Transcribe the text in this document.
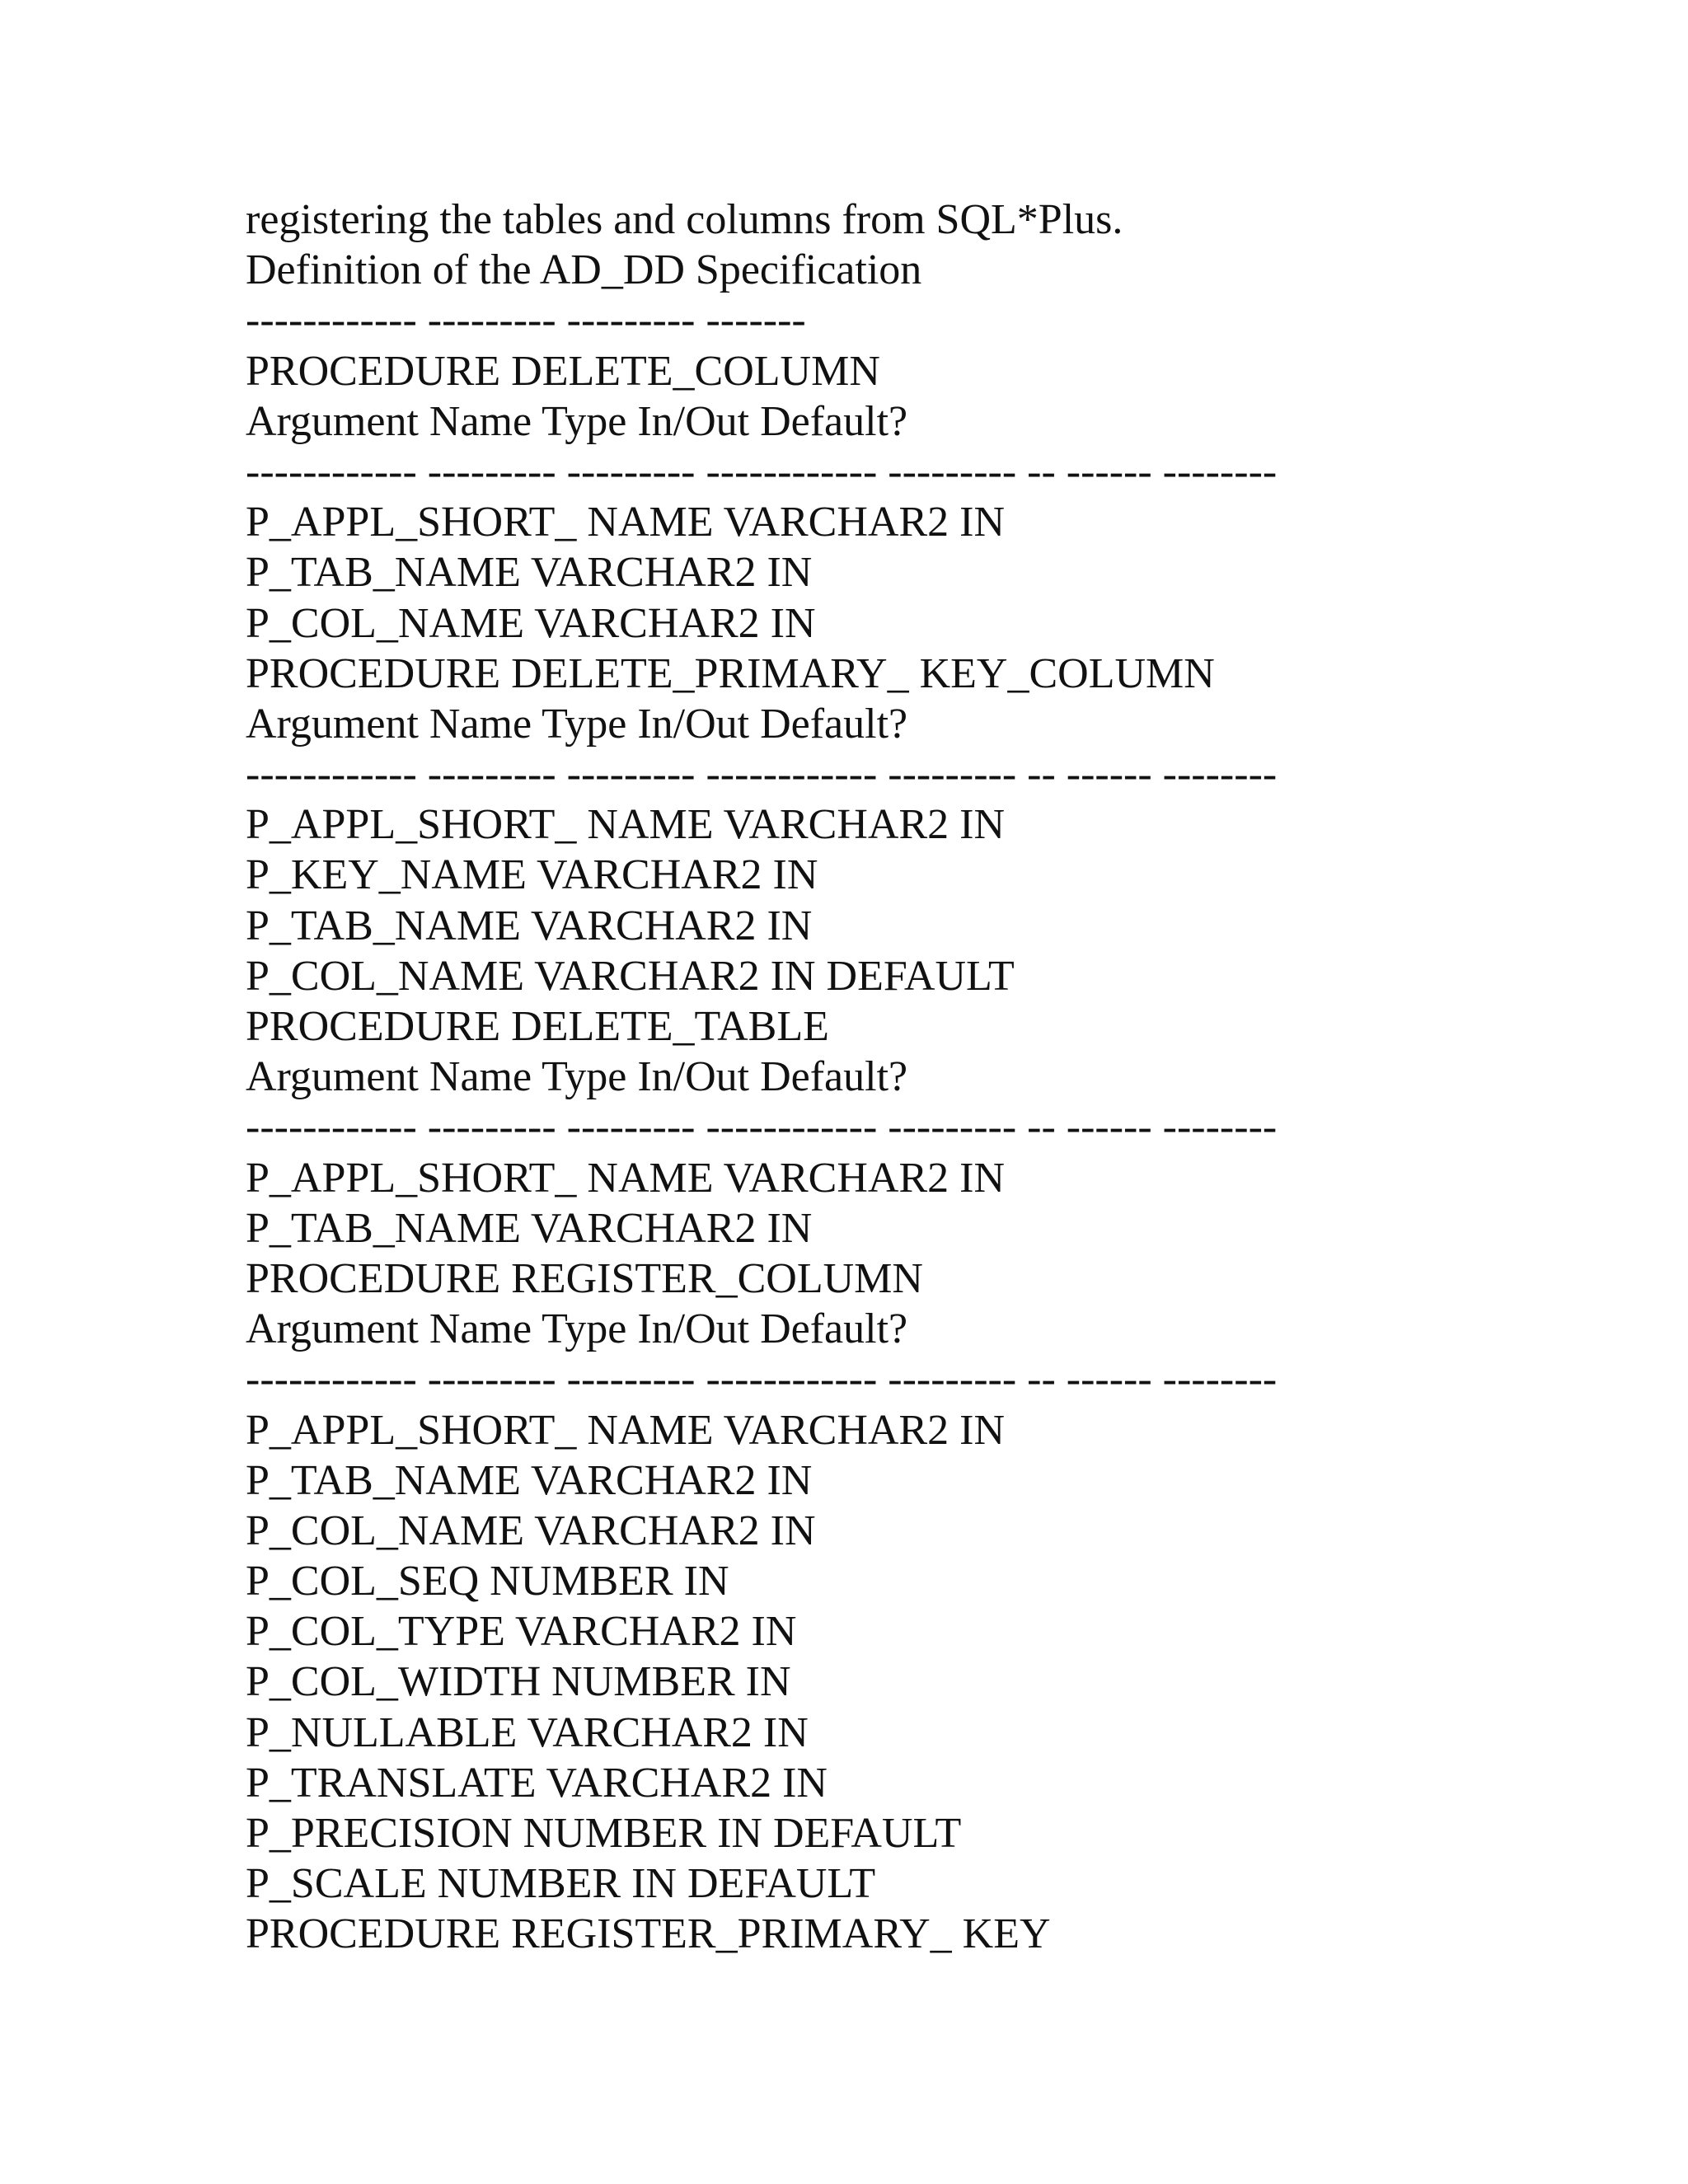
registering the tables and columns from SQL*Plus.
Definition of the AD_DD Specification
------------ --------- --------- -------
PROCEDURE DELETE_COLUMN
Argument Name Type In/Out Default?
------------ --------- --------- ------------ --------- -- ------ --------
P_APPL_SHORT_ NAME VARCHAR2 IN
P_TAB_NAME VARCHAR2 IN
P_COL_NAME VARCHAR2 IN
PROCEDURE DELETE_PRIMARY_ KEY_COLUMN
Argument Name Type In/Out Default?
------------ --------- --------- ------------ --------- -- ------ --------
P_APPL_SHORT_ NAME VARCHAR2 IN
P_KEY_NAME VARCHAR2 IN
P_TAB_NAME VARCHAR2 IN
P_COL_NAME VARCHAR2 IN DEFAULT
PROCEDURE DELETE_TABLE
Argument Name Type In/Out Default?
------------ --------- --------- ------------ --------- -- ------ --------
P_APPL_SHORT_ NAME VARCHAR2 IN
P_TAB_NAME VARCHAR2 IN
PROCEDURE REGISTER_COLUMN
Argument Name Type In/Out Default?
------------ --------- --------- ------------ --------- -- ------ --------
P_APPL_SHORT_ NAME VARCHAR2 IN
P_TAB_NAME VARCHAR2 IN
P_COL_NAME VARCHAR2 IN
P_COL_SEQ NUMBER IN
P_COL_TYPE VARCHAR2 IN
P_COL_WIDTH NUMBER IN
P_NULLABLE VARCHAR2 IN
P_TRANSLATE VARCHAR2 IN
P_PRECISION NUMBER IN DEFAULT
P_SCALE NUMBER IN DEFAULT
PROCEDURE REGISTER_PRIMARY_ KEY
